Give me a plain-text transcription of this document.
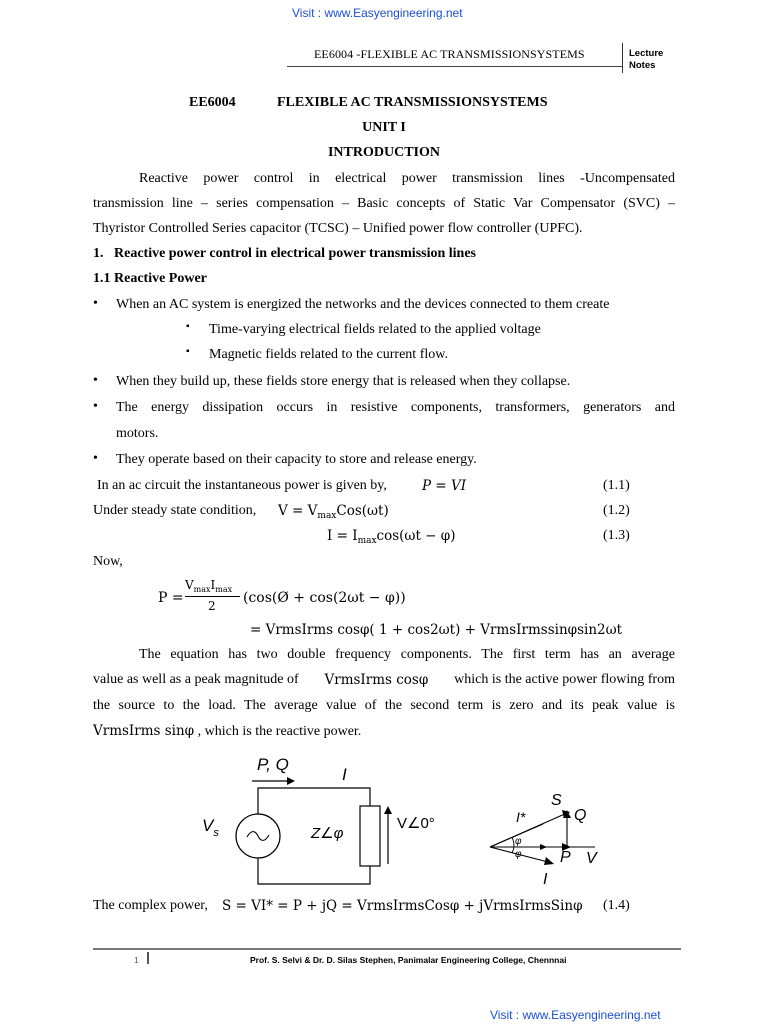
Visit : www.Easyengineering.net
EE6004 -FLEXIBLE AC TRANSMISSIONSYSTEMS	Lecture
Notes
EE6004	FLEXIBLE AC TRANSMISSIONSYSTEMS
UNIT I
INTRODUCTION
Reactive power control in electrical power transmission lines -Uncompensated
transmission line – series compensation – Basic concepts of Static Var Compensator (SVC) –
Thyristor Controlled Series capacitor (TCSC) – Unified power flow controller (UPFC).
1.   Reactive power control in electrical power transmission lines
1.1 Reactive Power
• When an AC system is energized the networks and the devices connected to them create
▪ Time-varying electrical fields related to the applied voltage
▪ Magnetic fields related to the current flow.
• When they build up, these fields store energy that is released when they collapse.
• The energy dissipation occurs in resistive components, transformers, generators and
motors.
• They operate based on their capacity to store and release energy.
In an ac circuit the instantaneous power is given by,	P = VI	(1.1)
Under steady state condition, $V = V_{max}Cos(\omega t)$	(1.2)
$I = I_{max}\cos(\omega t - \varphi)$	(1.3)
Now,
P =
$V_{max}I_{max}$
2 (cos(Ø + cos(2ωt − φ))
= VrmsIrms cosφ( 1 + cos2ωt) + VrmsIrmssinφsin2ωt
The equation has two double frequency components. The first term has an average
value as well as a peak magnitude of VrmsIrms cosφ which is the active power flowing from
the source to the load. The average value of the second term is zero and its peak value is
VrmsIrms sinφ , which is the reactive power.
P, Q
I
$V_s$	Z∠φ
V∠0°	I*
S
Q
P V
I
φ
φ
The complex power, S = VI* = P + jQ = VrmsIrmsCosφ + jVrmsIrmsSinφ (1.4)
1	Prof. S. Selvi & Dr. D. Silas Stephen, Panimalar Engineering College, Chennnai
Visit : www.Easyengineering.net
